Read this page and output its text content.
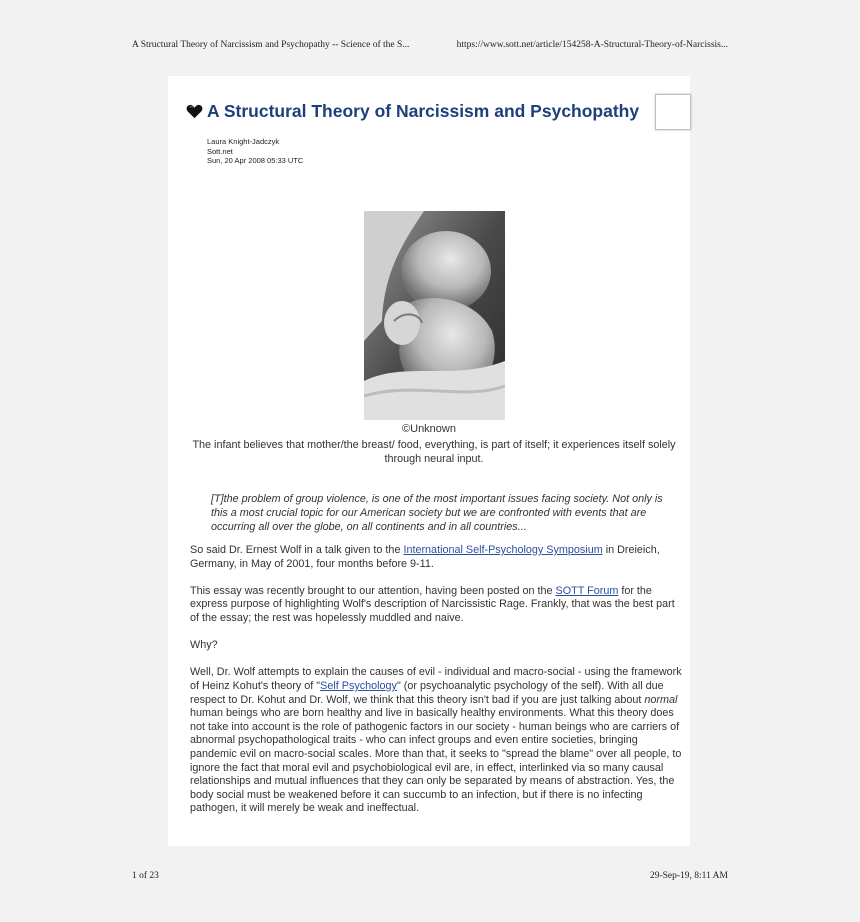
A Structural Theory of Narcissism and Psychopathy -- Science of the S...	https://www.sott.net/article/154258-A-Structural-Theory-of-Narcissis...
A Structural Theory of Narcissism and Psychopathy
Laura Knight-Jadczyk
Sott.net
Sun, 20 Apr 2008 05:33 UTC
©Unknown
The infant believes that mother/the breast/ food, everything, is part of itself; it experiences itself solely through neural input.
[T]the problem of group violence, is one of the most important issues facing society. Not only is this a most crucial topic for our American society but we are confronted with events that are occurring all over the globe, on all continents and in all countries...

So said Dr. Ernest Wolf in a talk given to the International Self-Psychology Symposium in Dreieich, Germany, in May of 2001, four months before 9-11.

This essay was recently brought to our attention, having been posted on the SOTT Forum for the express purpose of highlighting Wolf's description of Narcissistic Rage. Frankly, that was the best part of the essay; the rest was hopelessly muddled and naive.

Why?

Well, Dr. Wolf attempts to explain the causes of evil - individual and macro-social - using the framework of Heinz Kohut's theory of "Self Psychology" (or psychoanalytic psychology of the self). With all due respect to Dr. Kohut and Dr. Wolf, we think that this theory isn't bad if you are just talking about normal human beings who are born healthy and live in basically healthy environments. What this theory does not take into account is the role of pathogenic factors in our society - human beings who are carriers of abnormal psychopathological traits - who can infect groups and even entire societies, bringing pandemic evil on macro-social scales. More than that, it seeks to "spread the blame" over all people, to ignore the fact that moral evil and psychobiological evil are, in effect, interlinked via so many causal relationships and mutual influences that they can only be separated by means of abstraction. Yes, the body social must be weakened before it can succumb to an infection, but if there is no infecting pathogen, it will merely be weak and ineffectual.

1 of 23	29-Sep-19, 8:11 AM
